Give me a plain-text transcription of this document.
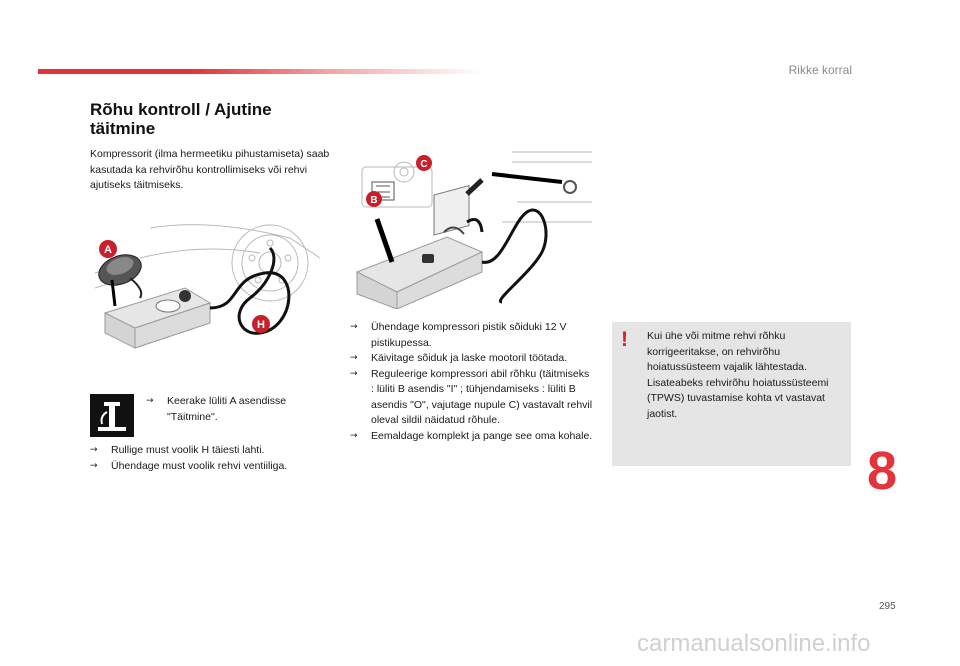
Rikke korral
Rõhu kontroll / Ajutine täitmine

Kompressorit (ilma hermeetiku pihustamiseta) saab kasutada ka rehvirõhu kontrollimiseks või rehvi ajutiseks täitmiseks.

A
H
C
B
→ Keerake lüliti A asendisse "Täitmine".
→ Rullige must voolik H täiesti lahti.
→ Ühendage must voolik rehvi ventiiliga.
→ Ühendage kompressori pistik sõiduki 12 V pistikupessa.
→ Käivitage sõiduk ja laske mootoril töötada.
→ Reguleerige kompressori abil rõhku (täitmiseks : lüliti B asendis "I" ; tühjendamiseks : lüliti B asendis "O", vajutage nupule C) vastavalt rehvil oleval sildil näidatud rõhule.
→ Eemaldage komplekt ja pange see oma kohale.
! Kui ühe või mitme rehvi rõhku korrigeeritakse, on rehvirõhu hoiatussüsteem vajalik lähtestada. Lisateabeks rehvirõhu hoiatussüsteemi (TPWS) tuvastamise kohta vt vastavat jaotist.

8
295
carmanualsonline.info
